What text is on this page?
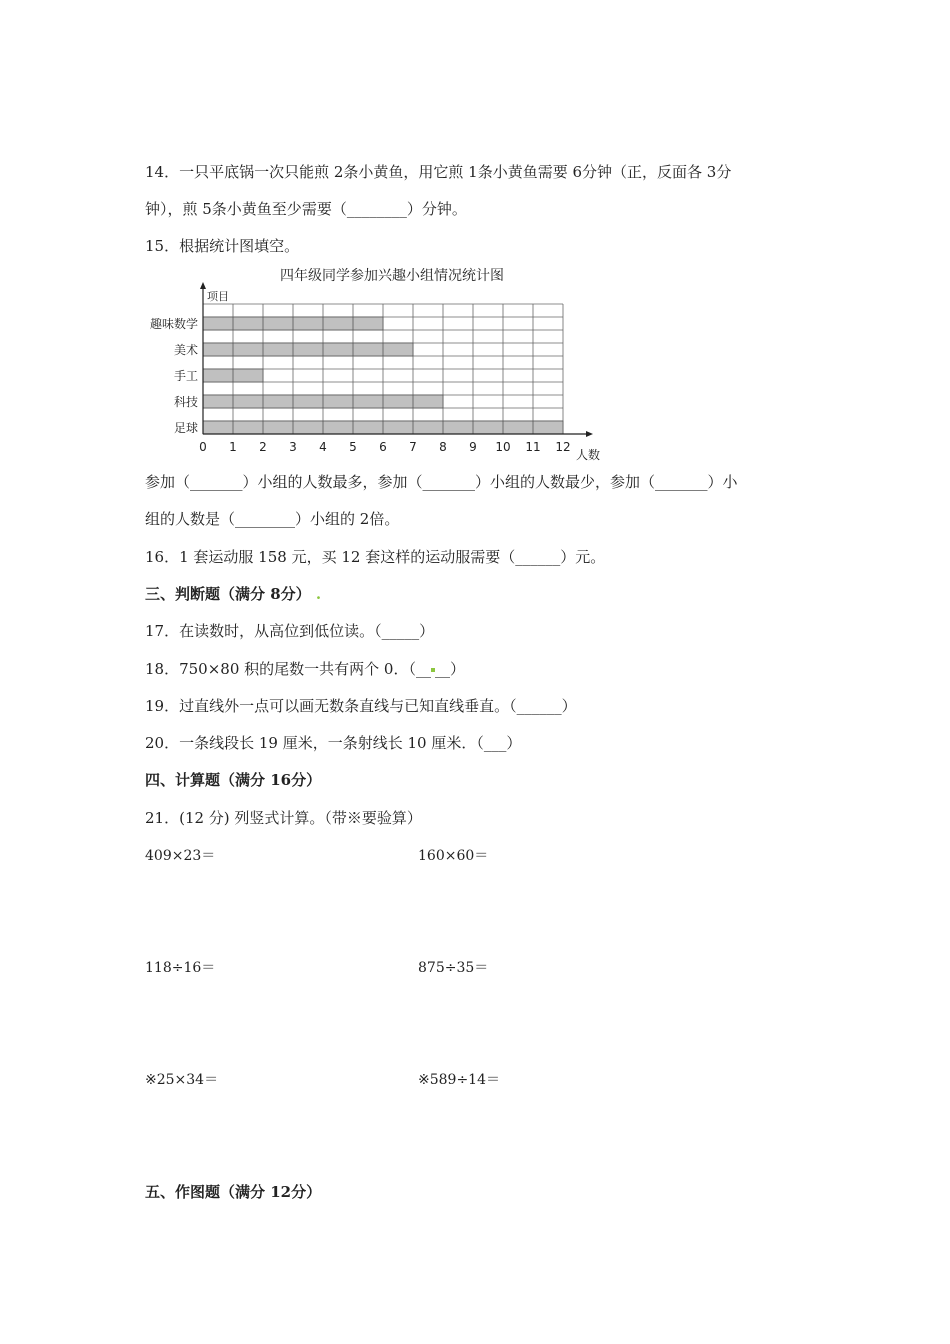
14．一只平底锅一次只能煎 2条小黄鱼，用它煎 1条小黄鱼需要 6分钟（正，反面各 3分
钟），煎 5条小黄鱼至少需要（________）分钟。
15．根据统计图填空。
四年级同学参加兴趣小组情况统计图
项目
人数
趣味数学
美术
手工
科技
足球
0 1 2 3 4 5 6 7 8 9 10 11 12
参加（_______）小组的人数最多，参加（_______）小组的人数最少，参加（_______）小
组的人数是（________）小组的 2倍。
16．1 套运动服 158 元，买 12 套这样的运动服需要（______）元。
三、判断题（满分 8分） .
17．在读数时，从高位到低位读。（_____）
18．750×80 积的尾数一共有两个 0．（__ __）
19．过直线外一点可以画无数条直线与已知直线垂直。（______）
20．一条线段长 19 厘米，一条射线长 10 厘米．（___）
四、计算题（满分 16分）
21．(12 分) 列竖式计算。（带※要验算）
409×23＝	160×60＝
118÷16＝	875÷35＝
※25×34＝	※589÷14＝
五、作图题（满分 12分）
